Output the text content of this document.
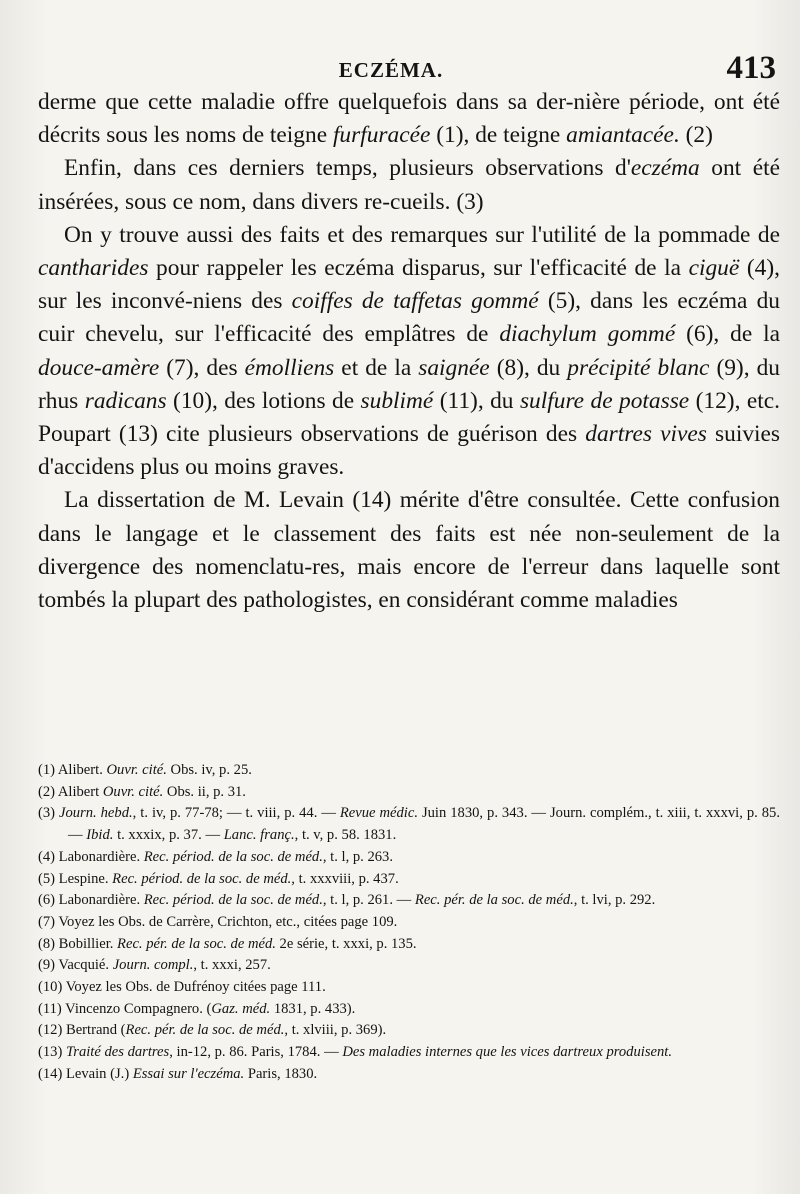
ECZÉMA.	413

derme que cette maladie offre quelquefois dans sa der-nière période, ont été décrits sous les noms de teigne furfuracée (1), de teigne amiantacée. (2)

Enfin, dans ces derniers temps, plusieurs observations d'eczéma ont été insérées, sous ce nom, dans divers re-cueils. (3)

On y trouve aussi des faits et des remarques sur l'utilité de la pommade de cantharides pour rappeler les eczéma disparus, sur l'efficacité de la ciguë (4), sur les inconvé-niens des coiffes de taffetas gommé (5), dans les eczéma du cuir chevelu, sur l'efficacité des emplâtres de diachylum gommé (6), de la douce-amère (7), des émolliens et de la saignée (8), du précipité blanc (9), du rhus radicans (10), des lotions de sublimé (11), du sulfure de potasse (12), etc. Poupart (13) cite plusieurs observations de guérison des dartres vives suivies d'accidens plus ou moins graves.

La dissertation de M. Levain (14) mérite d'être consultée. Cette confusion dans le langage et le classement des faits est née non-seulement de la divergence des nomenclatu-res, mais encore de l'erreur dans laquelle sont tombés la plupart des pathologistes, en considérant comme maladies

(1) Alibert. Ouvr. cité. Obs. iv, p. 25.

(2) Alibert Ouvr. cité. Obs. ii, p. 31.

(3) Journ. hebd., t. iv, p. 77-78; — t. viii, p. 44. — Revue médic. Juin 1830, p. 343. — Journ. complém., t. xiii, t. xxxvi, p. 85. — Ibid. t. xxxix, p. 37. — Lanc. franç., t. v, p. 58. 1831.

(4) Labonardière. Rec. périod. de la soc. de méd., t. l, p. 263.

(5) Lespine. Rec. périod. de la soc. de méd., t. xxxviii, p. 437.

(6) Labonardière. Rec. périod. de la soc. de méd., t. l, p. 261. — Rec. pér. de la soc. de méd., t. lvi, p. 292.

(7) Voyez les Obs. de Carrère, Crichton, etc., citées page 109.

(8) Bobillier. Rec. pér. de la soc. de méd. 2e série, t. xxxi, p. 135.

(9) Vacquié. Journ. compl., t. xxxi, 257.

(10) Voyez les Obs. de Dufrénoy citées page 111.

(11) Vincenzo Compagnero. (Gaz. méd. 1831, p. 433).

(12) Bertrand (Rec. pér. de la soc. de méd., t. xlviii, p. 369).

(13) Traité des dartres, in-12, p. 86. Paris, 1784. — Des maladies internes que les vices dartreux produisent.

(14) Levain (J.) Essai sur l'eczéma. Paris, 1830.
